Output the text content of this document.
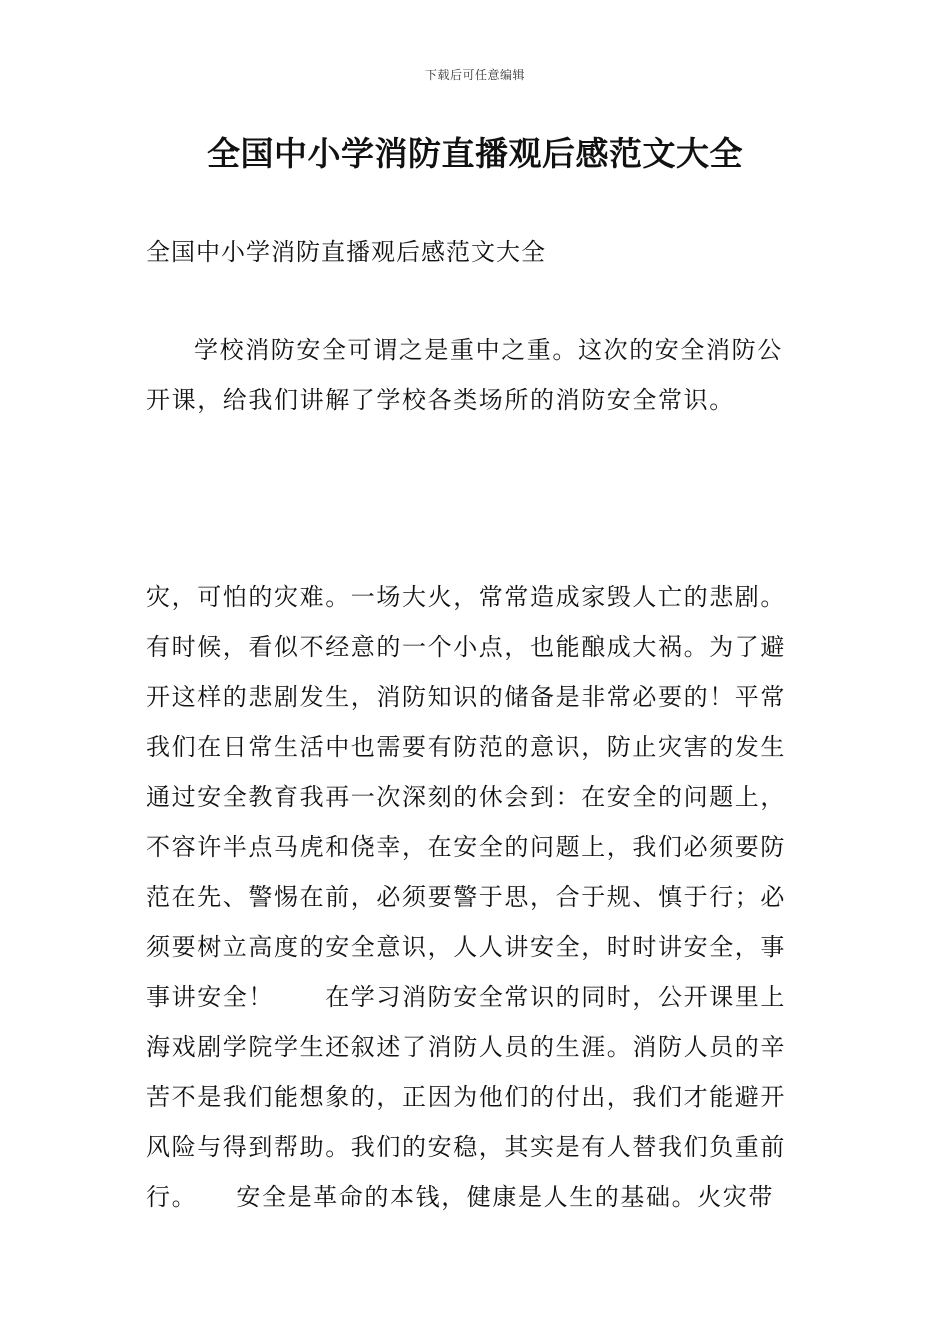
下载后可任意编辑
全国中小学消防直播观后感范文大全

全国中小学消防直播观后感范文大全

学校消防安全可谓之是重中之重。这次的安全消防公
开课，给我们讲解了学校各类场所的消防安全常识。
灾，可怕的灾难。一场大火，常常造成家毁人亡的悲剧。
有时候，看似不经意的一个小点，也能酿成大祸。为了避
开这样的悲剧发生，消防知识的储备是非常必要的！平常
我们在日常生活中也需要有防范的意识，防止灾害的发生
通过安全教育我再一次深刻的休会到：在安全的问题上，
不容许半点马虎和侥幸，在安全的问题上，我们必须要防
范在先、警惕在前，必须要警于思，合于规、慎于行；必
须要树立高度的安全意识，人人讲安全，时时讲安全，事
事讲安全！　　在学习消防安全常识的同时，公开课里上
海戏剧学院学生还叙述了消防人员的生涯。消防人员的辛
苦不是我们能想象的，正因为他们的付出，我们才能避开
风险与得到帮助。我们的安稳，其实是有人替我们负重前
行。　　安全是革命的本钱，健康是人生的基础。火灾带
